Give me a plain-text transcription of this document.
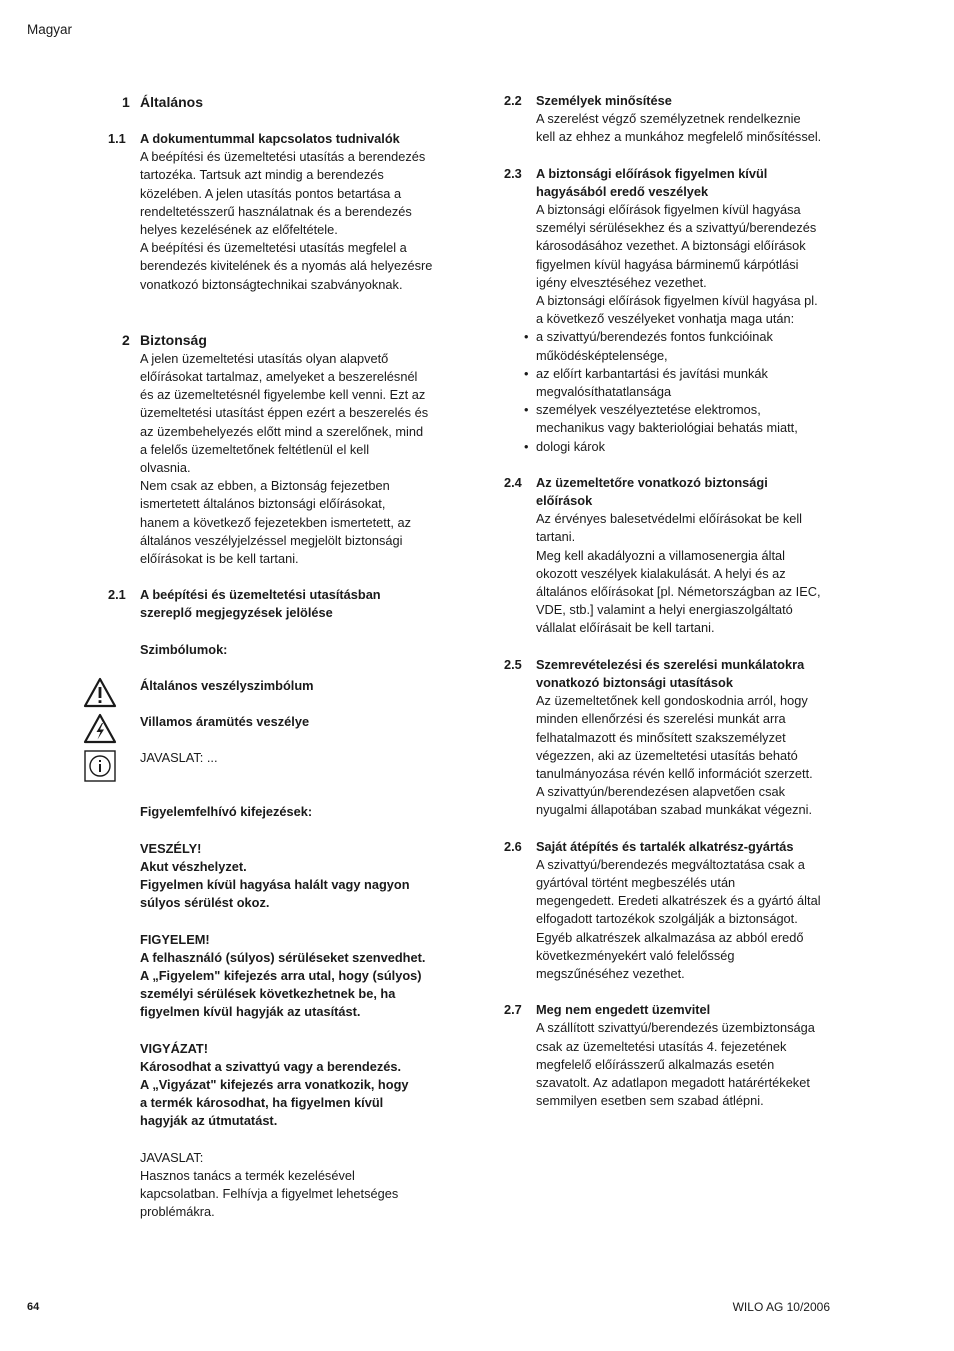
Magyar
1 Általános
1.1 A dokumentummal kapcsolatos tudnivalók
A beépítési és üzemeltetési utasítás a berendezés
tartozéka. Tartsuk azt mindig a berendezés
közelében. A jelen utasítás pontos betartása a
rendeltetésszerű használatnak és a berendezés
helyes kezelésének az előfeltétele.
A beépítési és üzemeltetési utasítás megfelel a
berendezés kivitelének és a nyomás alá helyezésre
vonatkozó biztonságtechnikai szabványoknak.
2 Biztonság
A jelen üzemeltetési utasítás olyan alapvető
előírásokat tartalmaz, amelyeket a beszerelésnél
és az üzemeltetésnél figyelembe kell venni. Ezt az
üzemeltetési utasítást éppen ezért a beszerelés és
az üzembehelyezés előtt mind a szerelőnek, mind
a felelős üzemeltetőnek feltétlenül el kell
olvasnia.
Nem csak az ebben, a Biztonság fejezetben
ismertetett általános biztonsági előírásokat,
hanem a következő fejezetekben ismertetett, az
általános veszélyjelzéssel megjelölt biztonsági
előírásokat is be kell tartani.
2.1 A beépítési és üzemeltetési utasításban
szereplő megjegyzések jelölése
Szimbólumok:
Általános veszélyszimbólum
Villamos áramütés veszélye
JAVASLAT: ...
Figyelemfelhívó kifejezések:
VESZÉLY!
Akut vészhelyzet.
Figyelmen kívül hagyása halált vagy nagyon
súlyos sérülést okoz.
FIGYELEM!
A felhasználó (súlyos) sérüléseket szenvedhet.
A „Figyelem" kifejezés arra utal, hogy (súlyos)
személyi sérülések következhetnek be, ha
figyelmen kívül hagyják az utasítást.
VIGYÁZAT!
Károsodhat a szivattyú vagy a berendezés.
A „Vigyázat" kifejezés arra vonatkozik, hogy
a termék károsodhat, ha figyelmen kívül
hagyják az útmutatást.
JAVASLAT:
Hasznos tanács a termék kezelésével
kapcsolatban. Felhívja a figyelmet lehetséges
problémákra.
2.2 Személyek minősítése
A szerelést végző személyzetnek rendelkeznie
kell az ehhez a munkához megfelelő minősítéssel.
2.3 A biztonsági előírások figyelmen kívül
hagyásából eredő veszélyek
A biztonsági előírások figyelmen kívül hagyása
személyi sérülésekhez és a szivattyú/berendezés
károsodásához vezethet. A biztonsági előírások
figyelmen kívül hagyása bárminemű kárpótlási
igény elvesztéséhez vezethet.
A biztonsági előírások figyelmen kívül hagyása pl.
a következő veszélyeket vonhatja maga után:
• a szivattyú/berendezés fontos funkcióinak
működésképtelensége,
• az előírt karbantartási és javítási munkák
megvalósíthatatlansága
• személyek veszélyeztetése elektromos,
mechanikus vagy bakteriológiai behatás miatt,
• dologi károk
2.4 Az üzemeltetőre vonatkozó biztonsági
előírások
Az érvényes balesetvédelmi előírásokat be kell
tartani.
Meg kell akadályozni a villamosenergia által
okozott veszélyek kialakulását. A helyi és az
általános előírásokat [pl. Németországban az IEC,
VDE, stb.] valamint a helyi energiaszolgáltató
vállalat előírásait be kell tartani.
2.5 Szemrevételezési és szerelési munkálatokra
vonatkozó biztonsági utasítások
Az üzemeltetőnek kell gondoskodnia arról, hogy
minden ellenőrzési és szerelési munkát arra
felhatalmazott és minősített szakszemélyzet
végezzen, aki az üzemeltetési utasítás beható
tanulmányozása révén kellő információt szerzett.
A szivattyún/berendezésen alapvetően csak
nyugalmi állapotában szabad munkákat végezni.
2.6 Saját átépítés és tartalék alkatrész-gyártás
A szivattyú/berendezés megváltoztatása csak a
gyártóval történt megbeszélés után
megengedett. Eredeti alkatrészek és a gyártó által
elfogadott tartozékok szolgálják a biztonságot.
Egyéb alkatrészek alkalmazása az abból eredő
következményekért való felelősség
megszűnéséhez vezethet.
2.7 Meg nem engedett üzemvitel
A szállított szivattyú/berendezés üzembiztonsága
csak az üzemeltetési utasítás 4. fejezetének
megfelelő előírásszerű alkalmazás esetén
szavatolt. Az adatlapon megadott határértékeket
semmilyen esetben sem szabad átlépni.
64	WILO AG 10/2006
